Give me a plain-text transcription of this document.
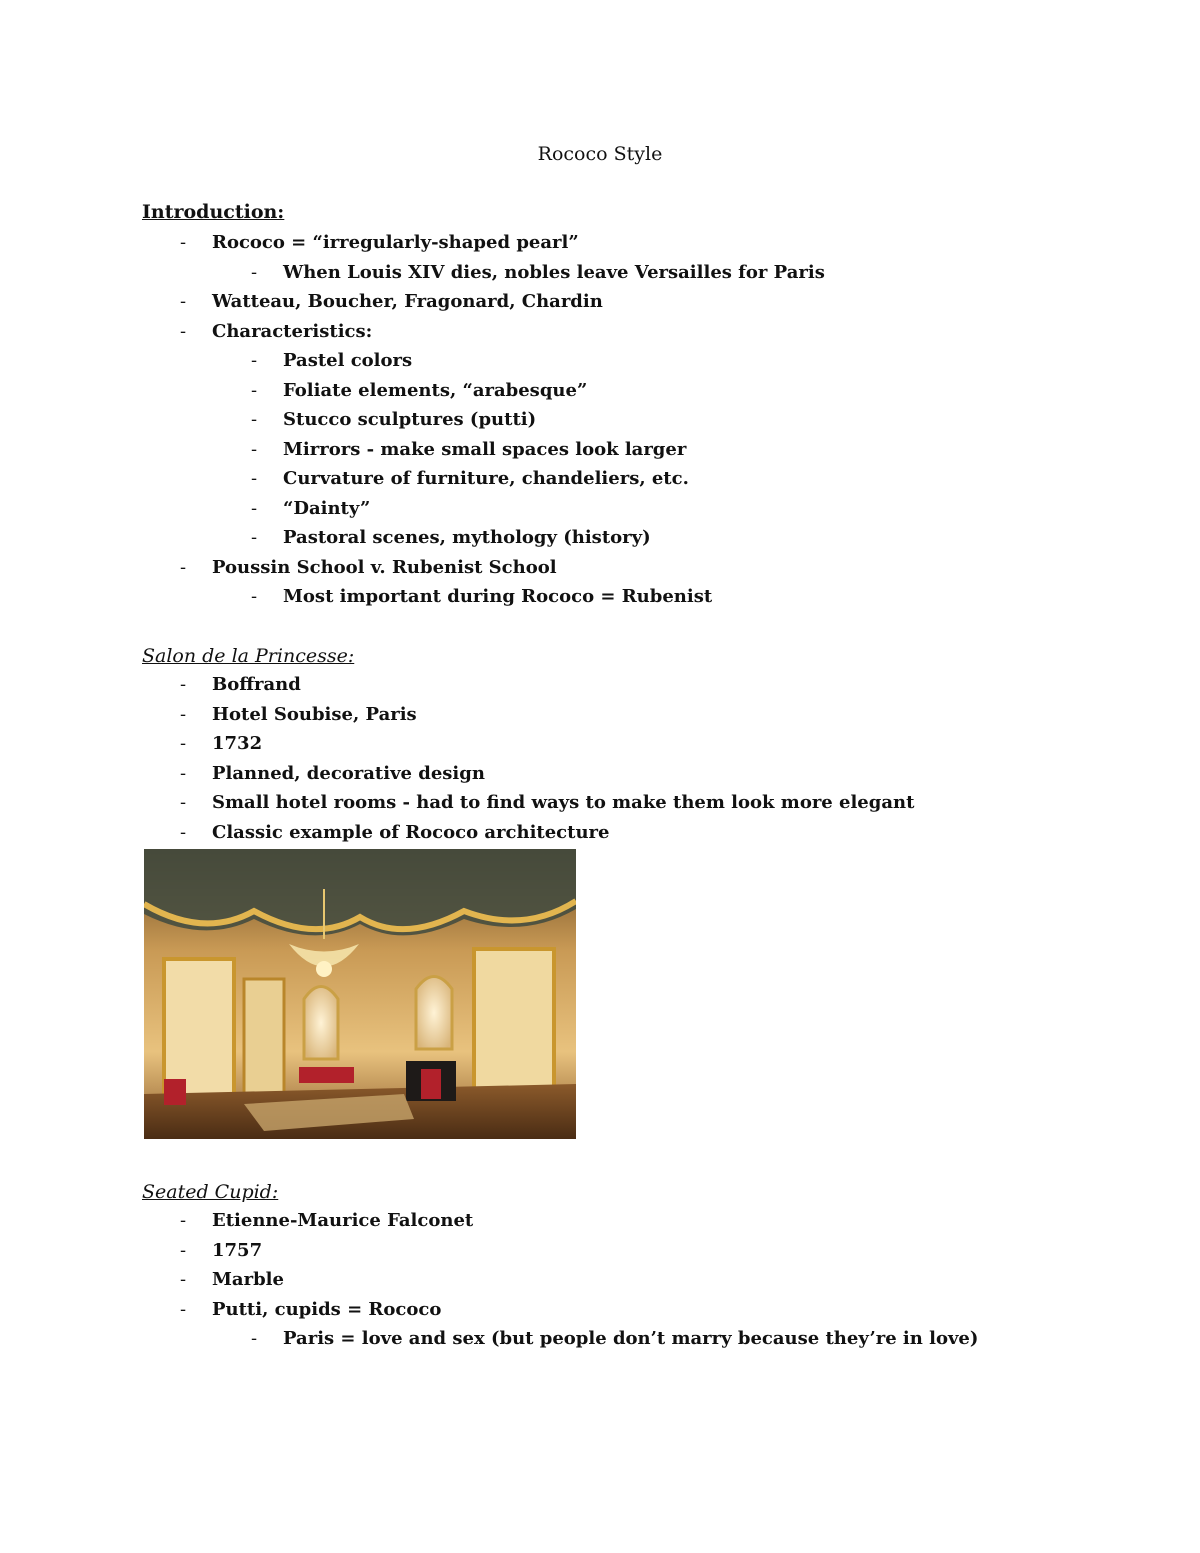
Rococo Style
Introduction:
- Rococo = “irregularly-shaped pearl”
- When Louis XIV dies, nobles leave Versailles for Paris
- Watteau, Boucher, Fragonard, Chardin
- Characteristics:
- Pastel colors
- Foliate elements, “arabesque”
- Stucco sculptures (putti)
- Mirrors - make small spaces look larger
- Curvature of furniture, chandeliers, etc.
- “Dainty”
- Pastoral scenes, mythology (history)
- Poussin School v. Rubenist School
- Most important during Rococo = Rubenist
Salon de la Princesse:
- Boffrand
- Hotel Soubise, Paris
- 1732
- Planned, decorative design
- Small hotel rooms - had to find ways to make them look more elegant
- Classic example of Rococo architecture
Seated Cupid:
- Etienne-Maurice Falconet
- 1757
- Marble
- Putti, cupids = Rococo
- Paris = love and sex (but people don’t marry because they’re in love)
